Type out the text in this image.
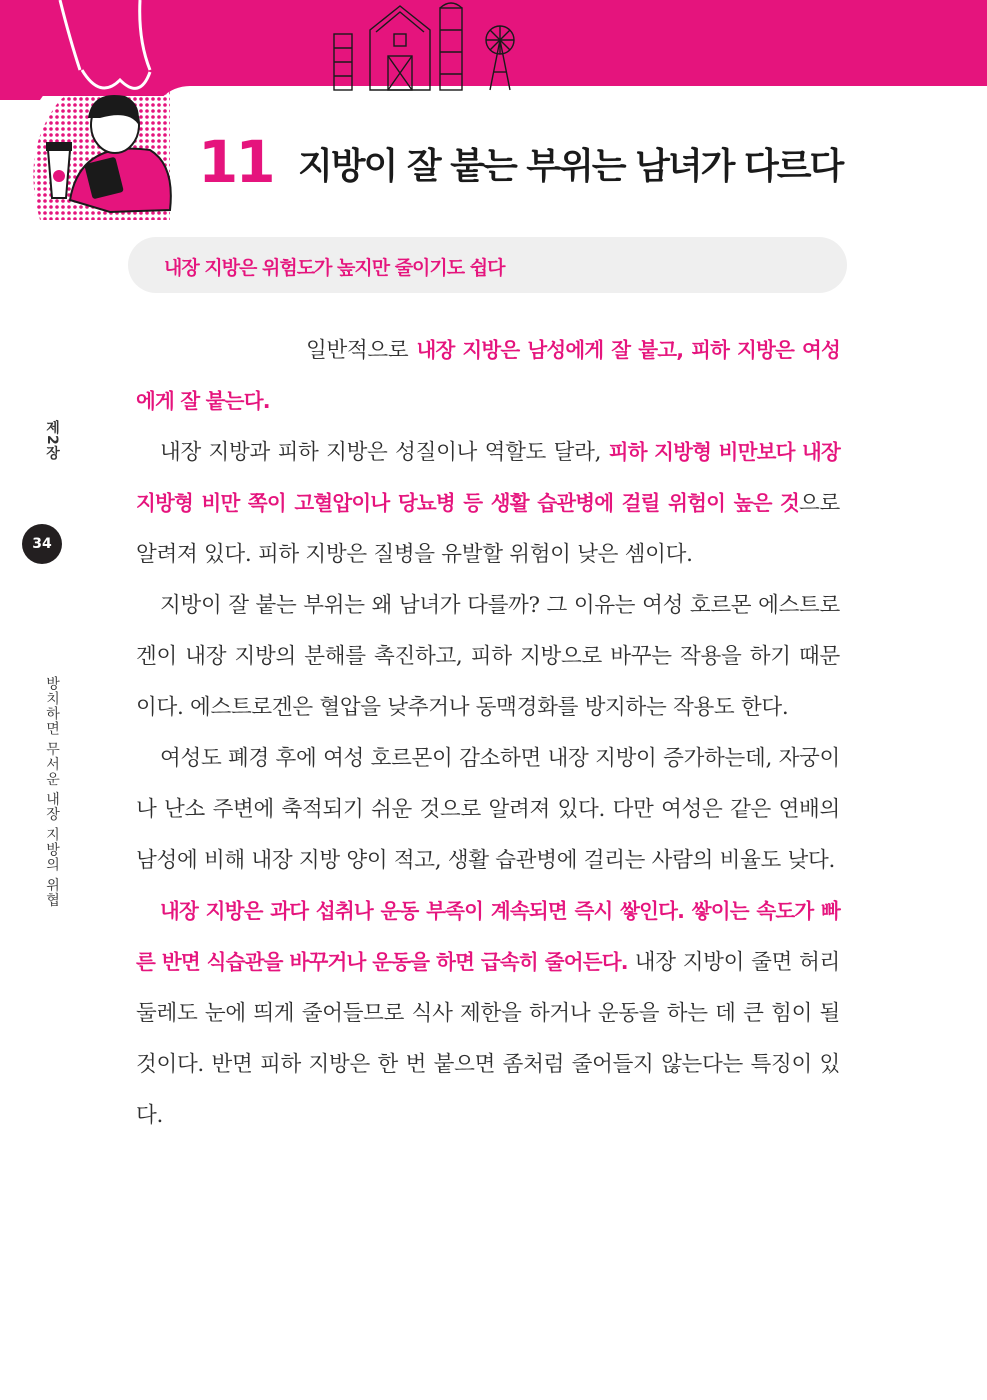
11 지방이 잘 붙는 부위는 남녀가 다르다
내장 지방은 위험도가 높지만 줄이기도 쉽다
제2장
34
방치하면 무서운 내장 지방의 위협

일반적으로 내장 지방은 남성에게 잘 붙고, 피하 지방은 여성에게 잘 붙는다.

내장 지방과 피하 지방은 성질이나 역할도 달라, 피하 지방형 비만보다 내장 지방형 비만 쪽이 고혈압이나 당뇨병 등 생활 습관병에 걸릴 위험이 높은 것으로 알려져 있다. 피하 지방은 질병을 유발할 위험이 낮은 셈이다.

지방이 잘 붙는 부위는 왜 남녀가 다를까? 그 이유는 여성 호르몬 에스트로겐이 내장 지방의 분해를 촉진하고, 피하 지방으로 바꾸는 작용을 하기 때문이다. 에스트로겐은 혈압을 낮추거나 동맥경화를 방지하는 작용도 한다.

여성도 폐경 후에 여성 호르몬이 감소하면 내장 지방이 증가하는데, 자궁이나 난소 주변에 축적되기 쉬운 것으로 알려져 있다. 다만 여성은 같은 연배의 남성에 비해 내장 지방 양이 적고, 생활 습관병에 걸리는 사람의 비율도 낮다.

내장 지방은 과다 섭취나 운동 부족이 계속되면 즉시 쌓인다. 쌓이는 속도가 빠른 반면 식습관을 바꾸거나 운동을 하면 급속히 줄어든다. 내장 지방이 줄면 허리둘레도 눈에 띄게 줄어들므로 식사 제한을 하거나 운동을 하는 데 큰 힘이 될 것이다. 반면 피하 지방은 한 번 붙으면 좀처럼 줄어들지 않는다는 특징이 있다.
